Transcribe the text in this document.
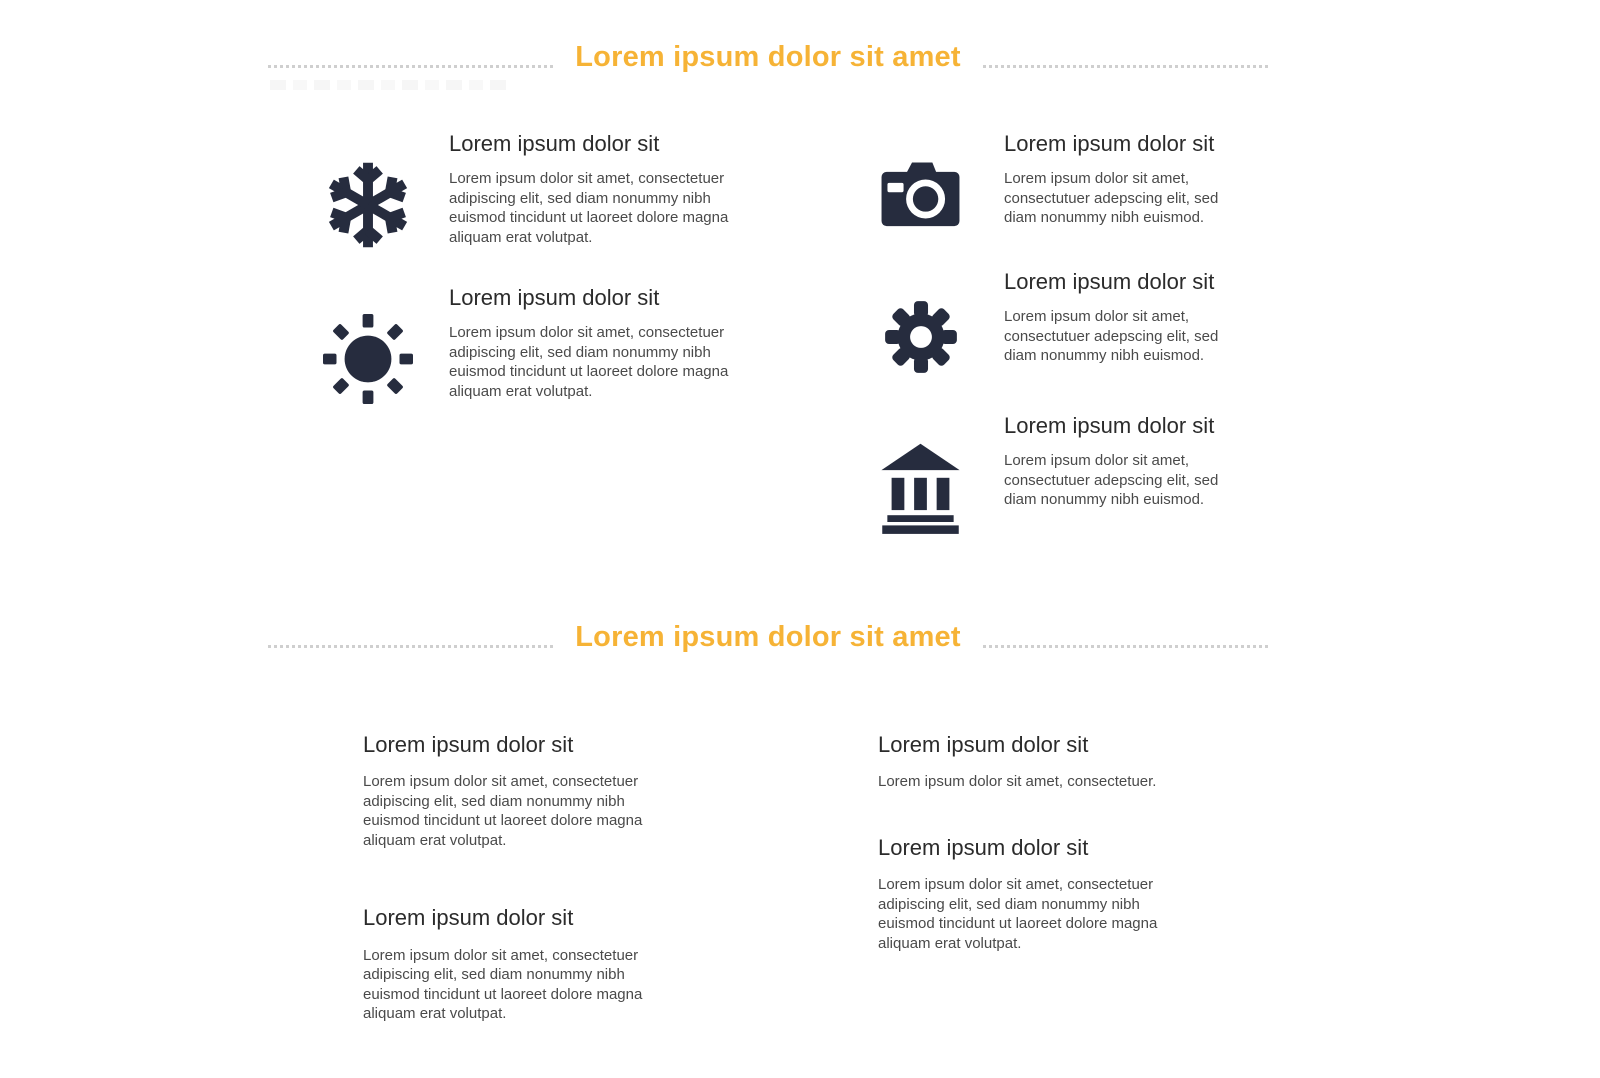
Lorem ipsum dolor sit amet
Lorem ipsum dolor sit

Lorem ipsum dolor sit amet, consectetuer adipiscing elit, sed diam nonummy nibh euismod tincidunt ut laoreet dolore magna aliquam erat volutpat.

Lorem ipsum dolor sit

Lorem ipsum dolor sit amet, consectetuer adipiscing elit, sed diam nonummy nibh euismod tincidunt ut laoreet dolore magna aliquam erat volutpat.

Lorem ipsum dolor sit

Lorem ipsum dolor sit amet, consectutuer adepscing elit, sed diam nonummy nibh euismod.

Lorem ipsum dolor sit

Lorem ipsum dolor sit amet, consectutuer adepscing elit, sed diam nonummy nibh euismod.

Lorem ipsum dolor sit

Lorem ipsum dolor sit amet, consectutuer adepscing elit, sed diam nonummy nibh euismod.

Lorem ipsum dolor sit amet
Lorem ipsum dolor sit

Lorem ipsum dolor sit amet, consectetuer adipiscing elit, sed diam nonummy nibh euismod tincidunt ut laoreet dolore magna aliquam erat volutpat.

Lorem ipsum dolor sit

Lorem ipsum dolor sit amet, consectetuer adipiscing elit, sed diam nonummy nibh euismod tincidunt ut laoreet dolore magna aliquam erat volutpat.

Lorem ipsum dolor sit

Lorem ipsum dolor sit amet, consectetuer.

Lorem ipsum dolor sit

Lorem ipsum dolor sit amet, consectetuer adipiscing elit, sed diam nonummy nibh euismod tincidunt ut laoreet dolore magna aliquam erat volutpat.
